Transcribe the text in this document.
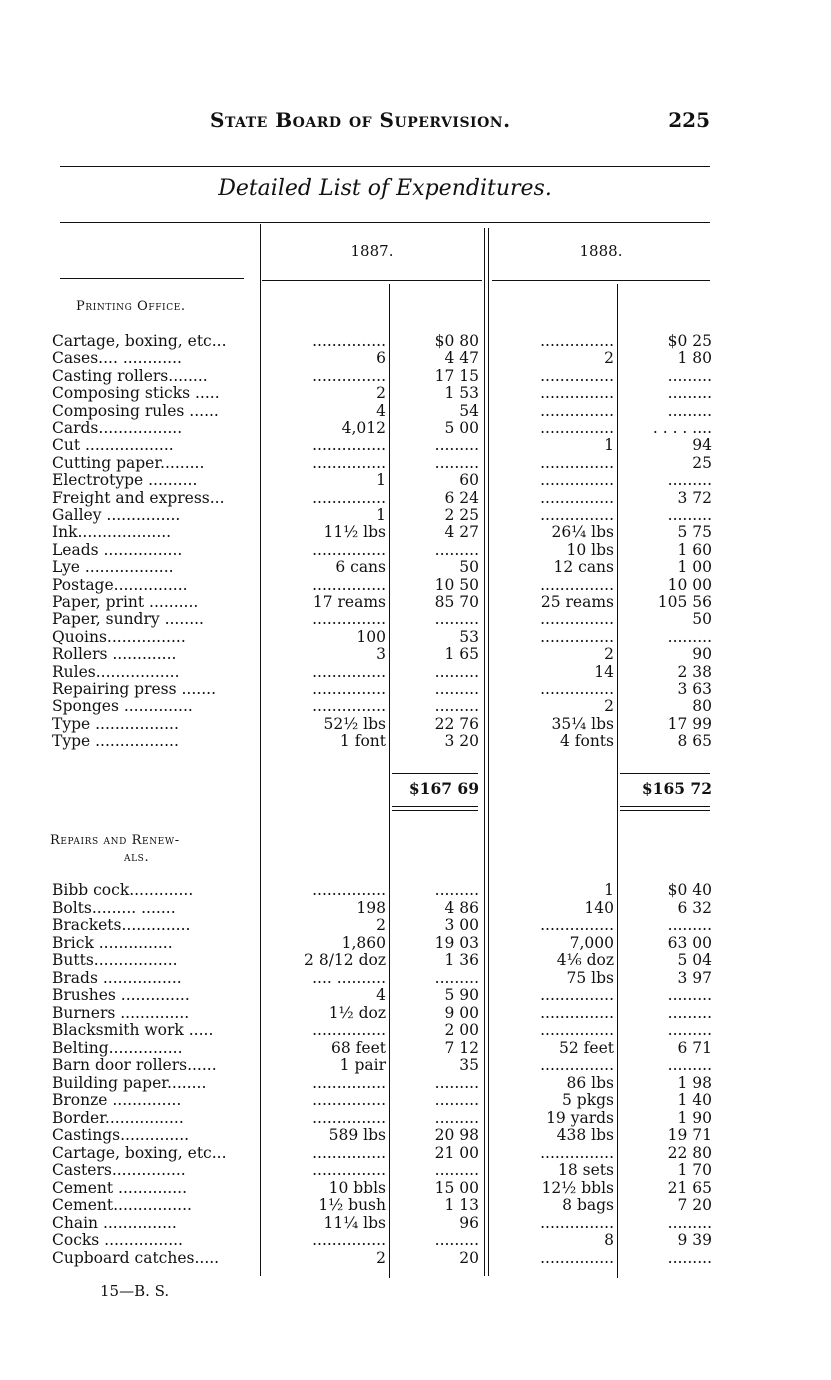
State Board of Supervision.	225
Detailed List of Expenditures.
1887.	1888.
Printing Office.
Cartage, boxing, etc...	...............	$0 80	...............	$0 25
Cases.... ............	6	4 47	2	1 80
Casting rollers........	...............	17 15	...............	.........
Composing sticks .....	2	1 53	...............	.........
Composing rules ......	4	54	...............	.........
Cards.................	4,012	5 00	...............	. . . . ....
Cut ..................	...............	.........	1	94
Cutting paper.........	...............	.........	...............	25
Electrotype ..........	1	60	...............	.........
Freight and express...	...............	6 24	...............	3 72
Galley ...............	1	2 25	...............	.........
Ink...................	11½ lbs	4 27	26¼ lbs	5 75
Leads ................	...............	.........	10 lbs	1 60
Lye ..................	6 cans	50	12 cans	1 00
Postage...............	...............	10 50	...............	10 00
Paper, print ..........	17 reams	85 70	25 reams	105 56
Paper, sundry ........	...............	.........	...............	50
Quoins................	100	53	...............	.........
Rollers .............	3	1 65	2	90
Rules.................	...............	.........	14	2 38
Repairing press .......	...............	.........	...............	3 63
Sponges ..............	...............	.........	2	80
Type .................	52½ lbs	22 76	35¼ lbs	17 99
Type .................	1 font	3 20	4 fonts	8 65
$167 69	$165 72
Repairs and Renew-
als.
Bibb cock.............	...............	.........	1	$0 40
Bolts......... .......	198	4 86	140	6 32
Brackets..............	2	3 00	...............	.........
Brick ...............	1,860	19 03	7,000	63 00
Butts.................	2 8/12 doz	1 36	4⅙ doz	5 04
Brads ................	.... ..........	.........	75 lbs	3 97
Brushes ..............	4	5 90	...............	.........
Burners ..............	1½ doz	9 00	...............	.........
Blacksmith work .....	...............	2 00	...............	.........
Belting...............	68 feet	7 12	52 feet	6 71
Barn door rollers......	1 pair	35	...............	.........
Building paper........	...............	.........	86 lbs	1 98
Bronze ..............	...............	.........	5 pkgs	1 40
Border................	...............	.........	19 yards	1 90
Castings..............	589 lbs	20 98	438 lbs	19 71
Cartage, boxing, etc...	...............	21 00	...............	22 80
Casters...............	...............	.........	18 sets	1 70
Cement ..............	10 bbls	15 00	12½ bbls	21 65
Cement................	1½ bush	1 13	8 bags	7 20
Chain ...............	11¼ lbs	96	...............	.........
Cocks ................	...............	.........	8	9 39
Cupboard catches.....	2	20	...............	.........
15—B. S.
